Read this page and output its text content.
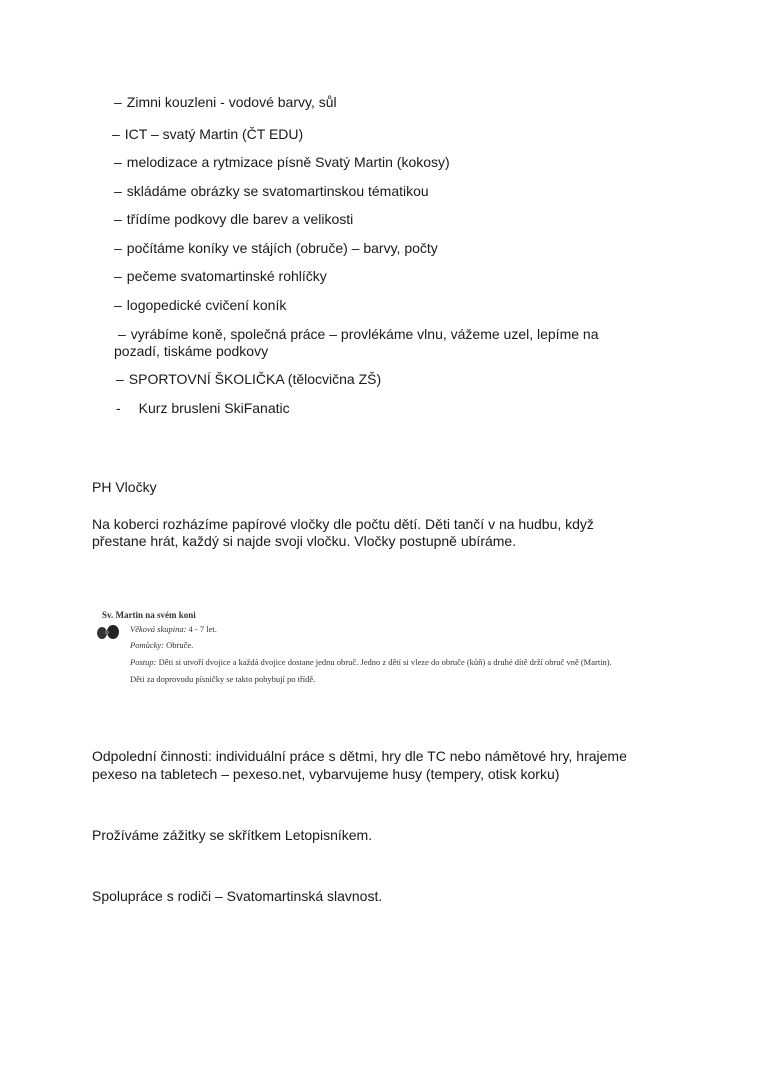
– Zimni kouzleni - vodové barvy, sůl
– ICT – svatý Martin (ČT EDU)
– melodizace a rytmizace písně Svatý Martin (kokosy)
– skládáme obrázky se svatomartinskou tématikou
– třídíme podkovy dle barev a velikosti
– počítáme koníky ve stájích (obruče) – barvy, počty
– pečeme svatomartinské rohlíčky
– logopedické cvičení koník
– vyrábíme koně, společná práce – provlékáme vlnu, vážeme uzel, lepíme na
pozadí, tiskáme podkovy
– SPORTOVNÍ ŠKOLIČKA (tělocvična ZŠ)
- Kurz brusleni SkiFanatic
PH Vločky
Na koberci rozházíme papírové vločky dle počtu dětí. Děti tančí v na hudbu, když
přestane hrát, každý si najde svoji vločku. Vločky postupně ubíráme.
Sv. Martin na svém koni
Věková skupina: 4 - 7 let.
Pomůcky: Obruče.
Postup: Děti si utvoří dvojice a každá dvojice dostane jednu obruč. Jedno z dětí si vleze do obruče (kůň) a druhé dítě drží obruč vně (Martin).
Děti za doprovodu písničky se takto pohybují po třídě.
Odpolední činnosti: individuální práce s dětmi, hry dle TC nebo námětové hry, hrajeme
pexeso na tabletech – pexeso.net, vybarvujeme husy (tempery, otisk korku)
Prožíváme zážitky se skřítkem Letopisníkem.
Spolupráce s rodiči – Svatomartinská slavnost.
